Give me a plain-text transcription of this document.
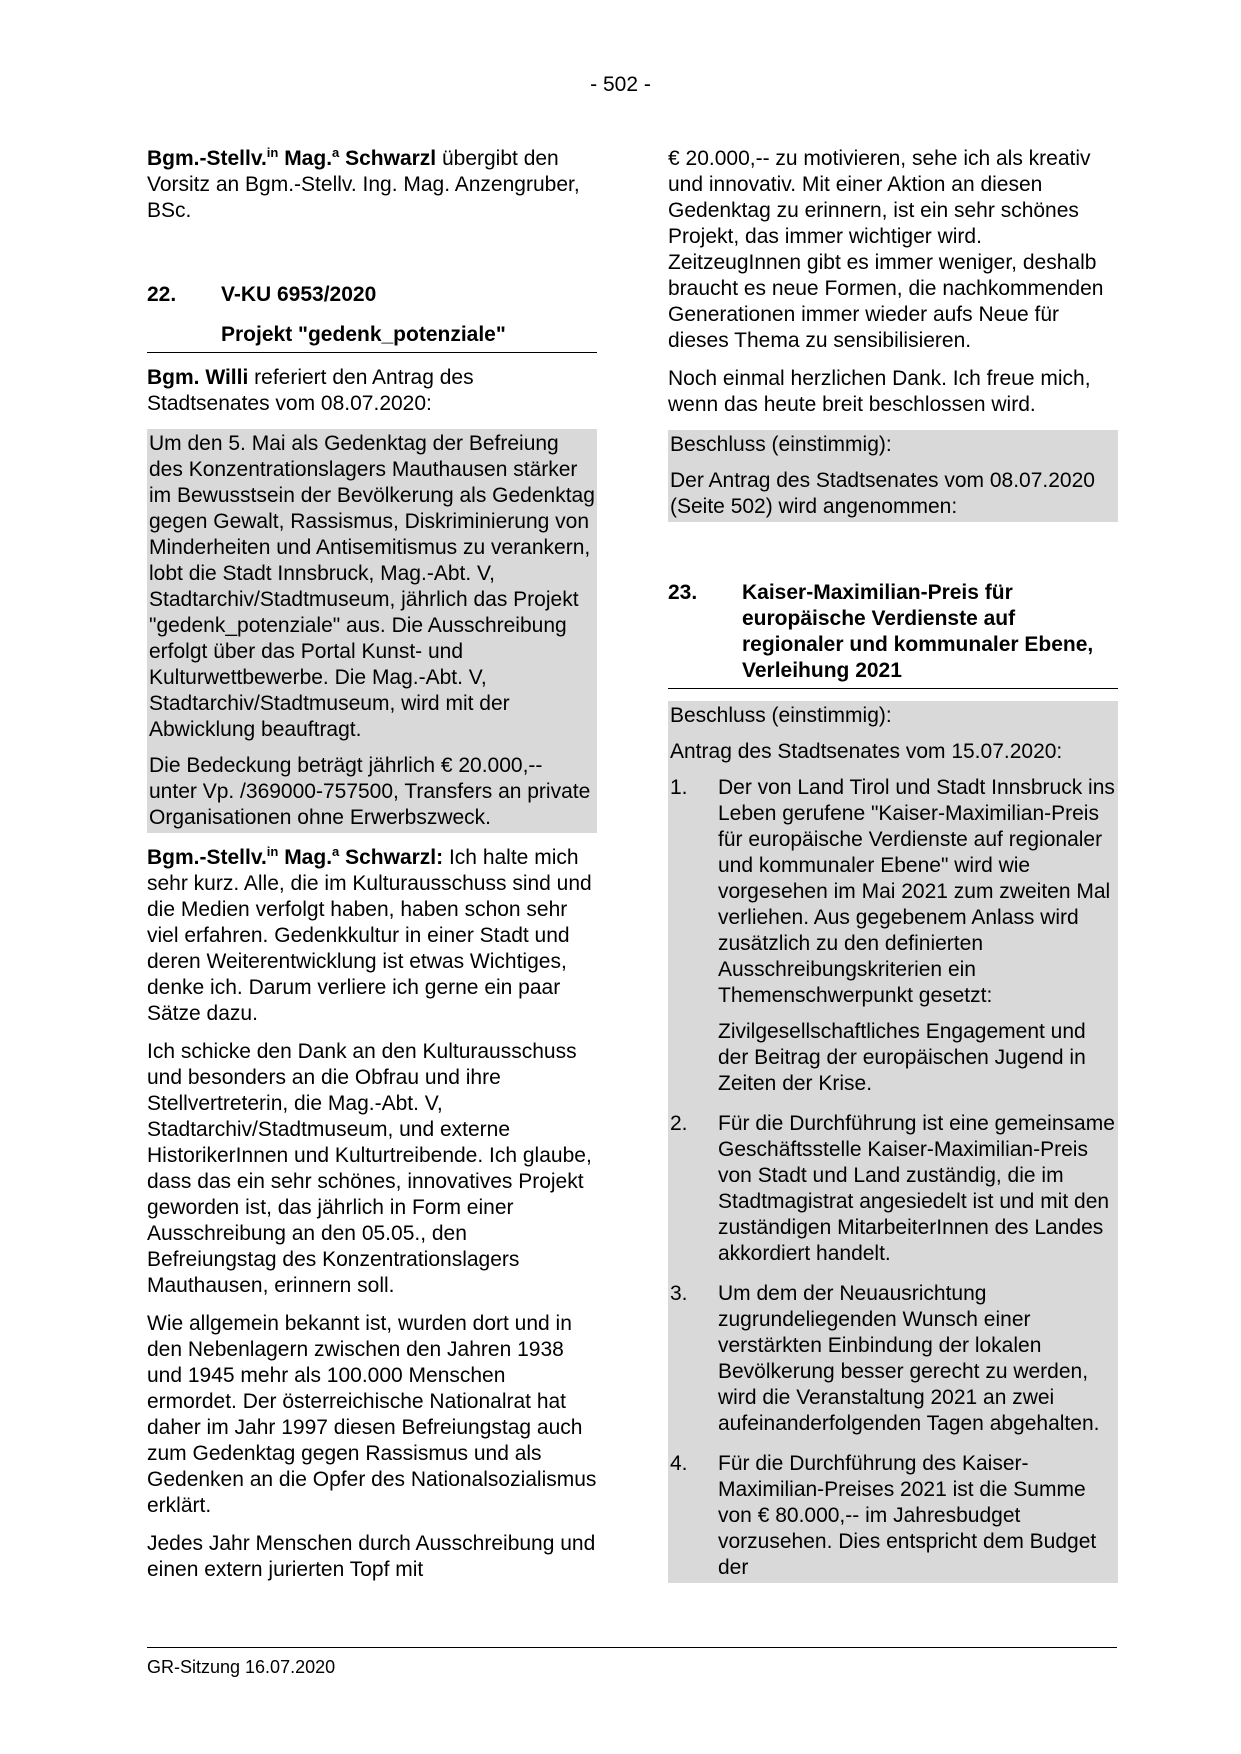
- 502 -

Bgm.-Stellv.$^{in}$ Mag.$^a$ Schwarzl übergibt den Vorsitz an Bgm.-Stellv. Ing. Mag. Anzengruber, BSc.

22.	V-KU 6953/2020
Projekt "gedenk_potenziale"

Bgm. Willi referiert den Antrag des Stadtsenates vom 08.07.2020:

Um den 5. Mai als Gedenktag der Befreiung des Konzentrationslagers Mauthausen stärker im Bewusstsein der Bevölkerung als Gedenktag gegen Gewalt, Rassismus, Diskriminierung von Minderheiten und Antisemitismus zu verankern, lobt die Stadt Innsbruck, Mag.-Abt. V, Stadtarchiv/Stadtmuseum, jährlich das Projekt "gedenk_potenziale" aus. Die Ausschreibung erfolgt über das Portal Kunst- und Kulturwettbewerbe. Die Mag.-Abt. V, Stadtarchiv/Stadtmuseum, wird mit der Abwicklung beauftragt.

Die Bedeckung beträgt jährlich € 20.000,-- unter Vp. /369000-757500, Transfers an private Organisationen ohne Erwerbszweck.

Bgm.-Stellv.$^{in}$ Mag.$^a$ Schwarzl: Ich halte mich sehr kurz. Alle, die im Kulturausschuss sind und die Medien verfolgt haben, haben schon sehr viel erfahren. Gedenkkultur in einer Stadt und deren Weiterentwicklung ist etwas Wichtiges, denke ich. Darum verliere ich gerne ein paar Sätze dazu.

Ich schicke den Dank an den Kulturausschuss und besonders an die Obfrau und ihre Stellvertreterin, die Mag.-Abt. V, Stadtarchiv/Stadtmuseum, und externe HistorikerInnen und Kulturtreibende. Ich glaube, dass das ein sehr schönes, innovatives Projekt geworden ist, das jährlich in Form einer Ausschreibung an den 05.05., den Befreiungstag des Konzentrationslagers Mauthausen, erinnern soll.

Wie allgemein bekannt ist, wurden dort und in den Nebenlagern zwischen den Jahren 1938 und 1945 mehr als 100.000 Menschen ermordet. Der österreichische Nationalrat hat daher im Jahr 1997 diesen Befreiungstag auch zum Gedenktag gegen Rassismus und als Gedenken an die Opfer des Nationalsozialismus erklärt.

Jedes Jahr Menschen durch Ausschreibung und einen extern jurierten Topf mit

€ 20.000,-- zu motivieren, sehe ich als kreativ und innovativ. Mit einer Aktion an diesen Gedenktag zu erinnern, ist ein sehr schönes Projekt, das immer wichtiger wird. ZeitzeugInnen gibt es immer weniger, deshalb braucht es neue Formen, die nachkommenden Generationen immer wieder aufs Neue für dieses Thema zu sensibilisieren.

Noch einmal herzlichen Dank. Ich freue mich, wenn das heute breit beschlossen wird.

Beschluss (einstimmig):

Der Antrag des Stadtsenates vom 08.07.2020 (Seite 502) wird angenommen:

23.	Kaiser-Maximilian-Preis für europäische Verdienste auf regionaler und kommunaler Ebene, Verleihung 2021

Beschluss (einstimmig):

Antrag des Stadtsenates vom 15.07.2020:

1.	Der von Land Tirol und Stadt Innsbruck ins Leben gerufene "Kaiser-Maximilian-Preis für europäische Verdienste auf regionaler und kommunaler Ebene" wird wie vorgesehen im Mai 2021 zum zweiten Mal verliehen. Aus gegebenem Anlass wird zusätzlich zu den definierten Ausschreibungskriterien ein Themenschwerpunkt gesetzt:
Zivilgesellschaftliches Engagement und der Beitrag der europäischen Jugend in Zeiten der Krise.
2.	Für die Durchführung ist eine gemeinsame Geschäftsstelle Kaiser-Maximilian-Preis von Stadt und Land zuständig, die im Stadtmagistrat angesiedelt ist und mit den zuständigen MitarbeiterInnen des Landes akkordiert handelt.
3.	Um dem der Neuausrichtung zugrundeliegenden Wunsch einer verstärkten Einbindung der lokalen Bevölkerung besser gerecht zu werden, wird die Veranstaltung 2021 an zwei aufeinanderfolgenden Tagen abgehalten.
4.	Für die Durchführung des Kaiser-Maximilian-Preises 2021 ist die Summe von € 80.000,-- im Jahresbudget vorzusehen. Dies entspricht dem Budget der
GR-Sitzung 16.07.2020
